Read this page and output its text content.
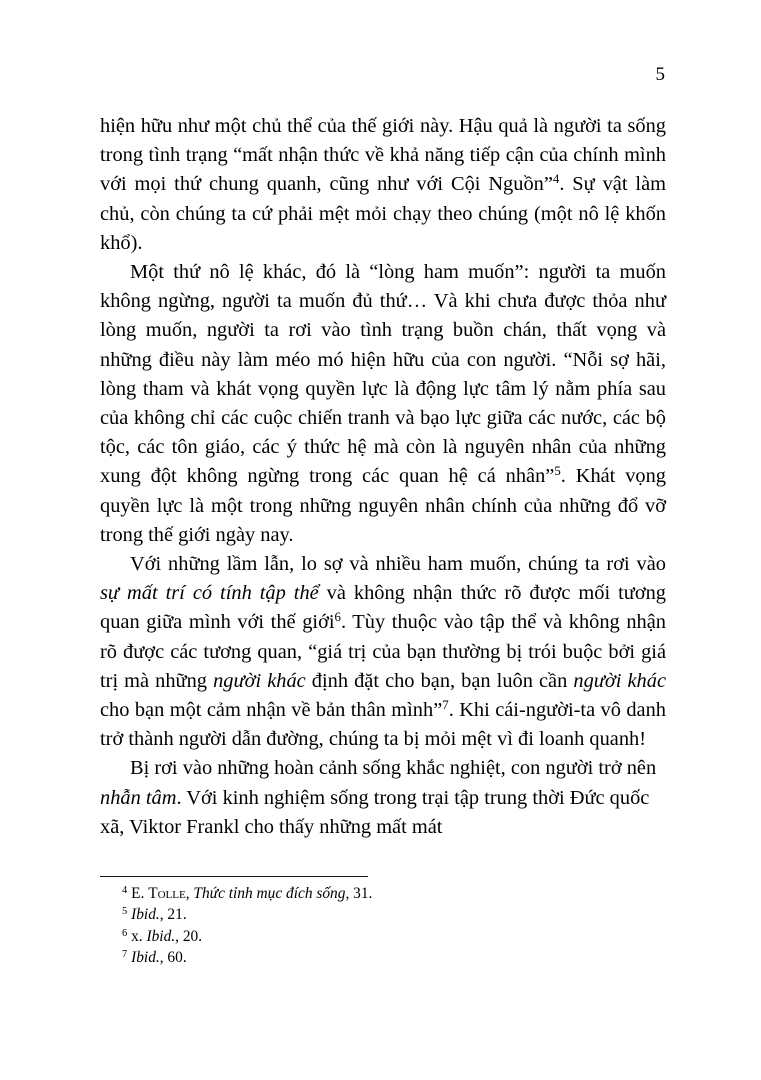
5

hiện hữu như một chủ thể của thế giới này. Hậu quả là người ta sống trong tình trạng “mất nhận thức về khả năng tiếp cận của chính mình với mọi thứ chung quanh, cũng như với Cội Nguồn”$^4$. Sự vật làm chủ, còn chúng ta cứ phải mệt mỏi chạy theo chúng (một nô lệ khốn khổ).

Một thứ nô lệ khác, đó là “lòng ham muốn”: người ta muốn không ngừng, người ta muốn đủ thứ… Và khi chưa được thỏa như lòng muốn, người ta rơi vào tình trạng buồn chán, thất vọng và những điều này làm méo mó hiện hữu của con người. “Nỗi sợ hãi, lòng tham và khát vọng quyền lực là động lực tâm lý nằm phía sau của không chỉ các cuộc chiến tranh và bạo lực giữa các nước, các bộ tộc, các tôn giáo, các ý thức hệ mà còn là nguyên nhân của những xung đột không ngừng trong các quan hệ cá nhân”$^5$. Khát vọng quyền lực là một trong những nguyên nhân chính của những đổ vỡ trong thế giới ngày nay.

Với những lầm lẫn, lo sợ và nhiều ham muốn, chúng ta rơi vào sự mất trí có tính tập thể và không nhận thức rõ được mối tương quan giữa mình với thế giới$^6$. Tùy thuộc vào tập thể và không nhận rõ được các tương quan, “giá trị của bạn thường bị trói buộc bởi giá trị mà những người khác định đặt cho bạn, bạn luôn cần người khác cho bạn một cảm nhận về bản thân mình”$^7$. Khi cái-người-ta vô danh trở thành người dẫn đường, chúng ta bị mỏi mệt vì đi loanh quanh!

Bị rơi vào những hoàn cảnh sống khắc nghiệt, con người trở nên nhẫn tâm. Với kinh nghiệm sống trong trại tập trung thời Đức quốc xã, Viktor Frankl cho thấy những mất mát

$^4$ E. Tolle, Thức tỉnh mục đích sống, 31.
$^5$ Ibid., 21.
$^6$ x. Ibid., 20.
$^7$ Ibid., 60.
